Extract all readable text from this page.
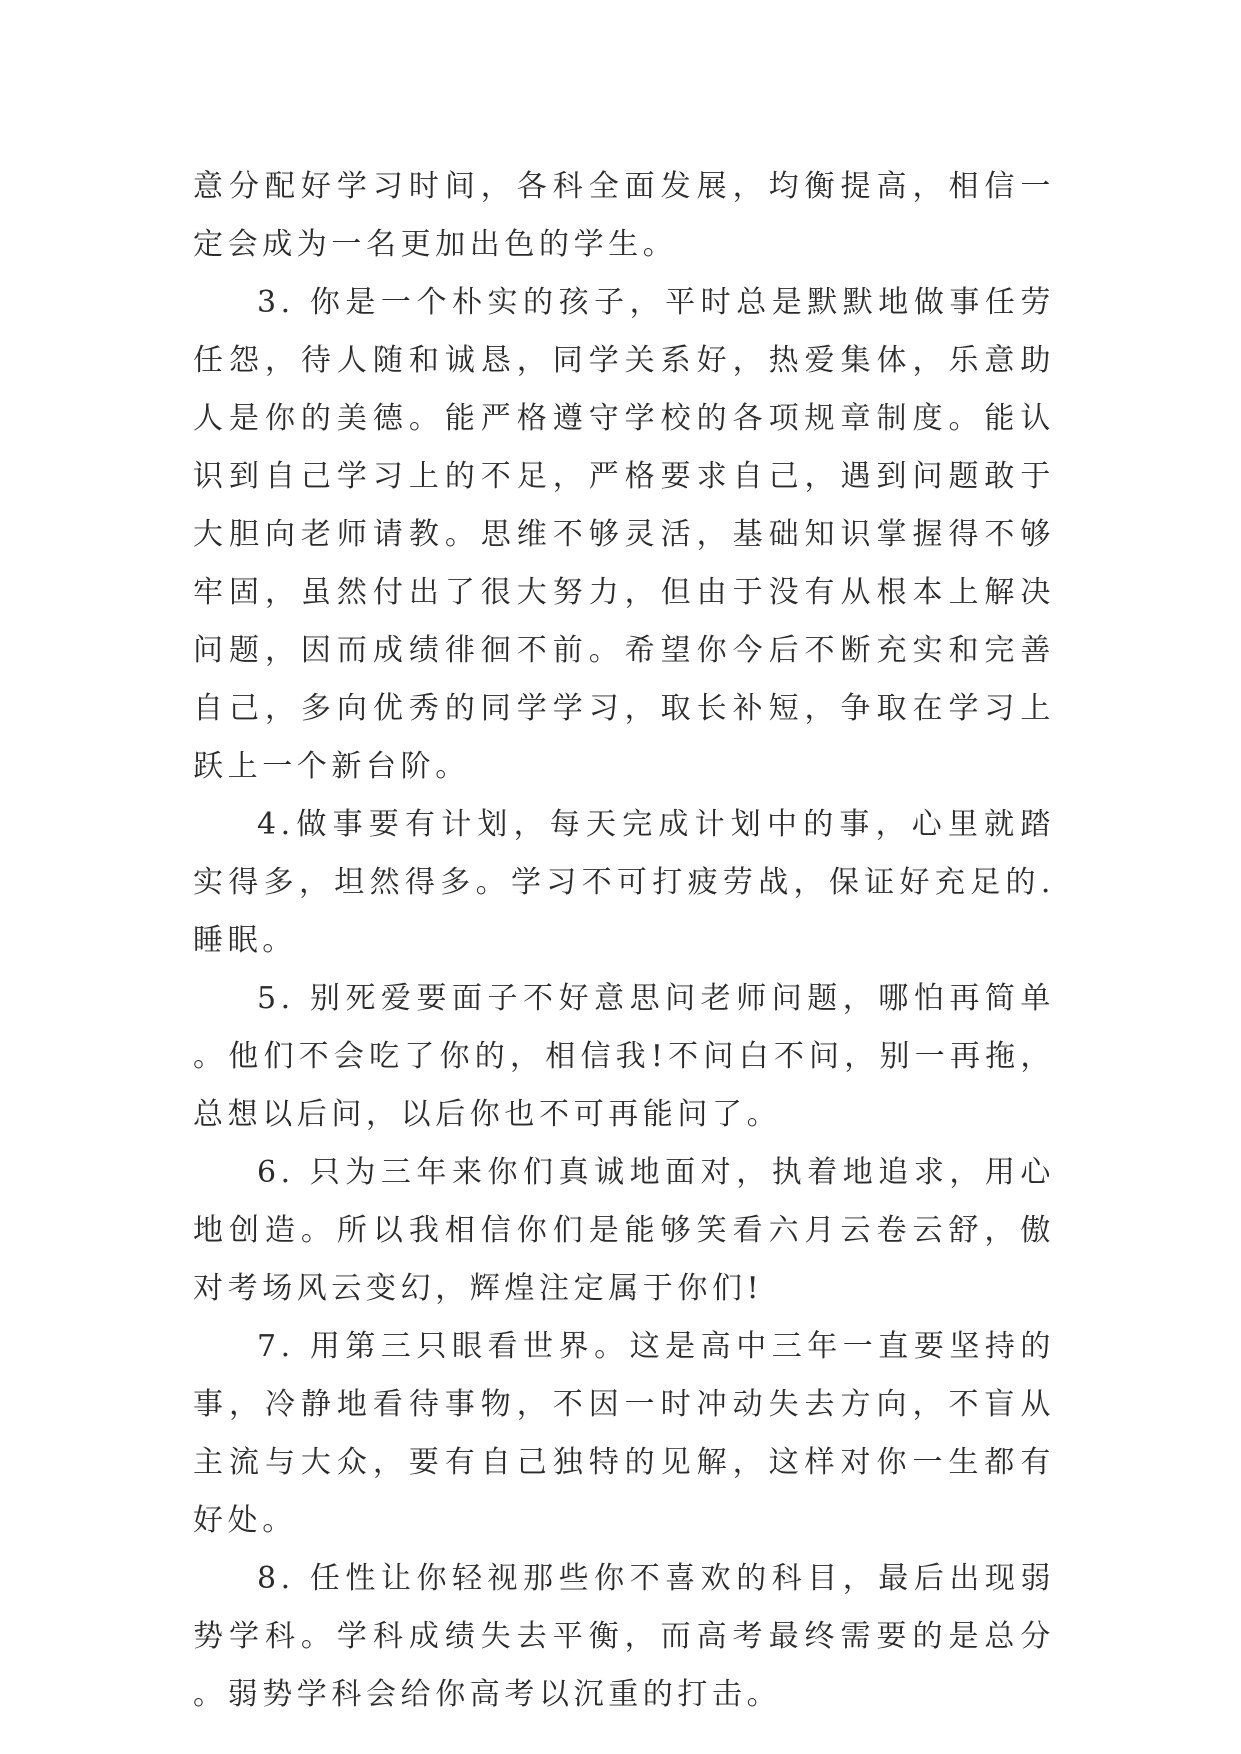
意分配好学习时间，各科全面发展，均衡提高，相信一定会成为一名更加出色的学生。

3. 你是一个朴实的孩子，平时总是默默地做事任劳任怨，待人随和诚恳，同学关系好，热爱集体，乐意助人是你的美德。能严格遵守学校的各项规章制度。能认识到自己学习上的不足，严格要求自己，遇到问题敢于大胆向老师请教。思维不够灵活，基础知识掌握得不够牢固，虽然付出了很大努力，但由于没有从根本上解决问题，因而成绩徘徊不前。希望你今后不断充实和完善自己，多向优秀的同学学习，取长补短，争取在学习上跃上一个新台阶。

4.做事要有计划，每天完成计划中的事，心里就踏实得多，坦然得多。学习不可打疲劳战，保证好充足的.睡眠。

5. 别死爱要面子不好意思问老师问题，哪怕再简单。他们不会吃了你的，相信我!不问白不问，别一再拖，总想以后问，以后你也不可再能问了。

6. 只为三年来你们真诚地面对，执着地追求，用心地创造。所以我相信你们是能够笑看六月云卷云舒，傲对考场风云变幻，辉煌注定属于你们!

7. 用第三只眼看世界。这是高中三年一直要坚持的事，冷静地看待事物，不因一时冲动失去方向，不盲从主流与大众，要有自己独特的见解，这样对你一生都有好处。

8. 任性让你轻视那些你不喜欢的科目，最后出现弱势学科。学科成绩失去平衡，而高考最终需要的是总分。弱势学科会给你高考以沉重的打击。
